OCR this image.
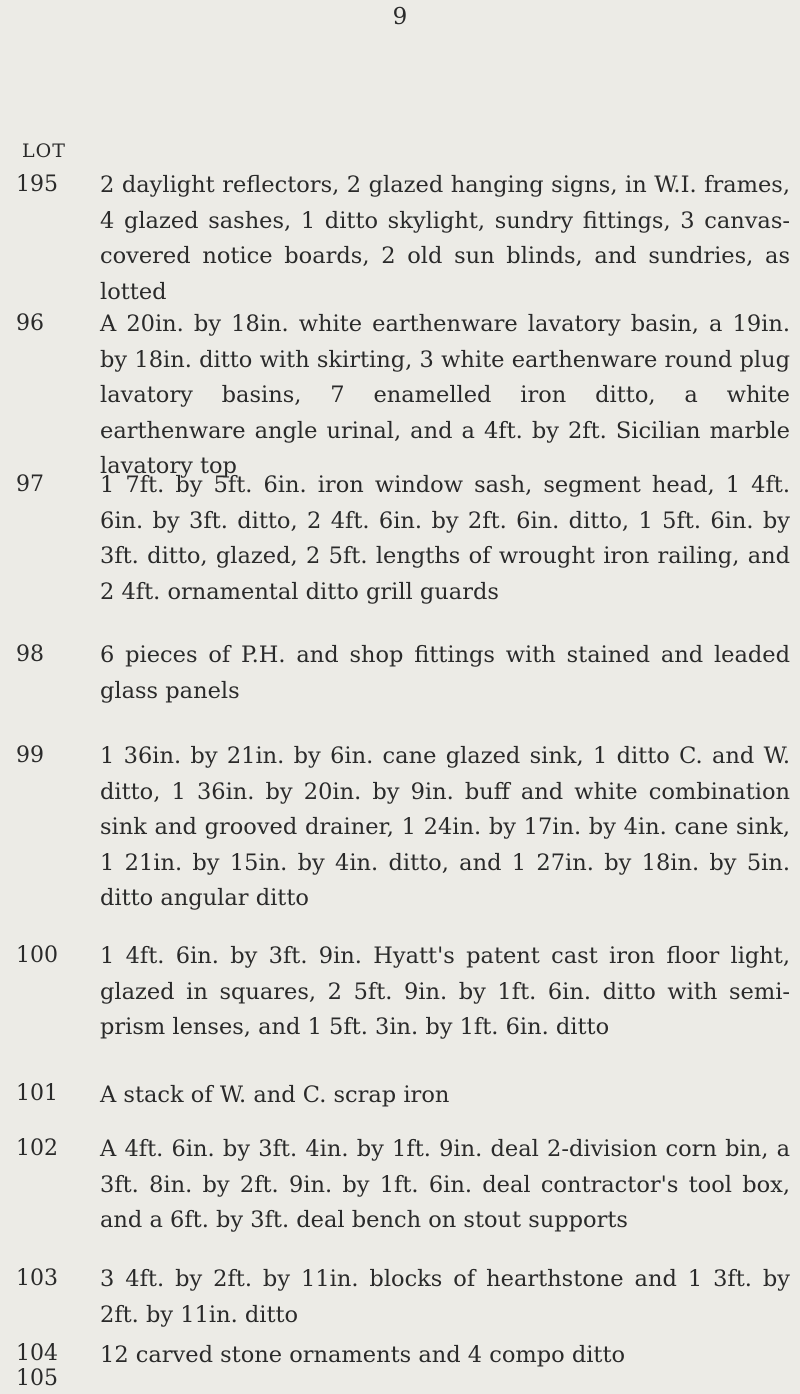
9
LOT
195 2 daylight reflectors, 2 glazed hanging signs, in W.I. frames, 4 glazed sashes, 1 ditto skylight, sundry fittings, 3 canvas-covered notice boards, 2 old sun blinds, and sundries, as lotted
96	A 20in. by 18in. white earthenware lavatory basin, a 19in. by 18in. ditto with skirting, 3 white earthenware round plug lavatory basins, 7 enamelled iron ditto, a white earthenware angle urinal, and a 4ft. by 2ft. Sicilian marble lavatory top
97	1 7ft. by 5ft. 6in. iron window sash, segment head, 1 4ft. 6in. by 3ft. ditto, 2 4ft. 6in. by 2ft. 6in. ditto, 1 5ft. 6in. by 3ft. ditto, glazed, 2 5ft. lengths of wrought iron railing, and 2 4ft. ornamental ditto grill guards
98	6 pieces of P.H. and shop fittings with stained and leaded glass panels
99	1 36in. by 21in. by 6in. cane glazed sink, 1 ditto C. and W. ditto, 1 36in. by 20in. by 9in. buff and white combination sink and grooved drainer, 1 24in. by 17in. by 4in. cane sink, 1 21in. by 15in. by 4in. ditto, and 1 27in. by 18in. by 5in. ditto angular ditto
100 1 4ft. 6in. by 3ft. 9in. Hyatt's patent cast iron floor light, glazed in squares, 2 5ft. 9in. by 1ft. 6in. ditto with semi-prism lenses, and 1 5ft. 3in. by 1ft. 6in. ditto
101 A stack of W. and C. scrap iron
102 A 4ft. 6in. by 3ft. 4in. by 1ft. 9in. deal 2-division corn bin, a 3ft. 8in. by 2ft. 9in. by 1ft. 6in. deal contractor's tool box, and a 6ft. by 3ft. deal bench on stout supports
103 3 4ft. by 2ft. by 11in. blocks of hearthstone and 1 3ft. by 2ft. by 11in. ditto
104 12 carved stone ornaments and 4 compo ditto
105
